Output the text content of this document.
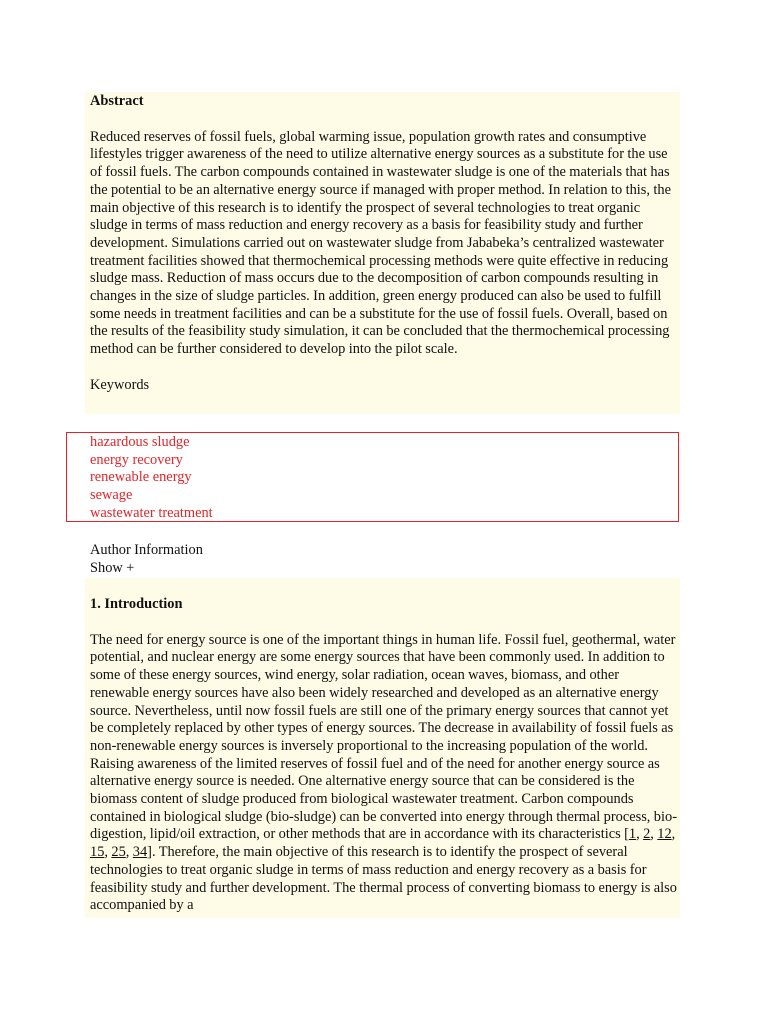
Abstract

Reduced reserves of fossil fuels, global warming issue, population growth rates and consumptive lifestyles trigger awareness of the need to utilize alternative energy sources as a substitute for the use of fossil fuels. The carbon compounds contained in wastewater sludge is one of the materials that has the potential to be an alternative energy source if managed with proper method. In relation to this, the main objective of this research is to identify the prospect of several technologies to treat organic sludge in terms of mass reduction and energy recovery as a basis for feasibility study and further development. Simulations carried out on wastewater sludge from Jababeka’s centralized wastewater treatment facilities showed that thermochemical processing methods were quite effective in reducing sludge mass. Reduction of mass occurs due to the decomposition of carbon compounds resulting in changes in the size of sludge particles. In addition, green energy produced can also be used to fulfill some needs in treatment facilities and can be a substitute for the use of fossil fuels. Overall, based on the results of the feasibility study simulation, it can be concluded that the thermochemical processing method can be further considered to develop into the pilot scale.

Keywords

hazardous sludge
energy recovery
renewable energy
sewage
wastewater treatment

Author Information

Show +

1. Introduction

The need for energy source is one of the important things in human life. Fossil fuel, geothermal, water potential, and nuclear energy are some energy sources that have been commonly used. In addition to some of these energy sources, wind energy, solar radiation, ocean waves, biomass, and other renewable energy sources have also been widely researched and developed as an alternative energy source. Nevertheless, until now fossil fuels are still one of the primary energy sources that cannot yet be completely replaced by other types of energy sources. The decrease in availability of fossil fuels as non-renewable energy sources is inversely proportional to the increasing population of the world. Raising awareness of the limited reserves of fossil fuel and of the need for another energy source as alternative energy source is needed. One alternative energy source that can be considered is the biomass content of sludge produced from biological wastewater treatment. Carbon compounds contained in biological sludge (bio-sludge) can be converted into energy through thermal process, bio-digestion, lipid/oil extraction, or other methods that are in accordance with its characteristics [1, 2, 12, 15, 25, 34]. Therefore, the main objective of this research is to identify the prospect of several technologies to treat organic sludge in terms of mass reduction and energy recovery as a basis for feasibility study and further development. The thermal process of converting biomass to energy is also accompanied by a
